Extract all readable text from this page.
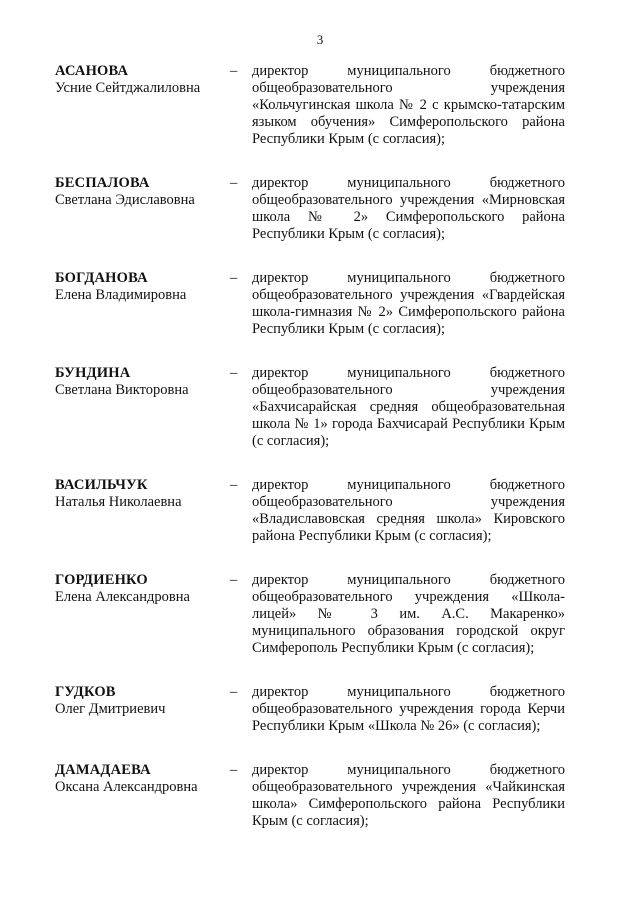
3
АСАНОВА
Усние Сейтджалиловна
–	директор муниципального бюджетного общеобразовательного учреждения «Кольчугинская школа № 2 с крымско-татарским языком обучения» Симферопольского района Республики Крым (с согласия);
БЕСПАЛОВА
Светлана Эдиславовна
–	директор муниципального бюджетного общеобразовательного учреждения «Мирновская школа № 2» Симферопольского района Республики Крым (с согласия);
БОГДАНОВА
Елена Владимировна
–	директор муниципального бюджетного общеобразовательного учреждения «Гвардейская школа-гимназия № 2» Симферопольского района Республики Крым (с согласия);
БУНДИНА
Светлана Викторовна
–	директор муниципального бюджетного общеобразовательного учреждения «Бахчисарайская средняя общеобразовательная школа № 1» города Бахчисарай Республики Крым (с согласия);
ВАСИЛЬЧУК
Наталья Николаевна
–	директор муниципального бюджетного общеобразовательного учреждения «Владиславовская средняя школа» Кировского района Республики Крым (с согласия);
ГОРДИЕНКО
Елена Александровна
–	директор муниципального бюджетного общеобразовательного учреждения «Школа-лицей» № 3 им. А.С. Макаренко» муниципального образования городской округ Симферополь Республики Крым (с согласия);
ГУДКОВ
Олег Дмитриевич
–	директор муниципального бюджетного общеобразовательного учреждения города Керчи Республики Крым «Школа № 26» (с согласия);
ДАМАДАЕВА
Оксана Александровна
–	директор муниципального бюджетного общеобразовательного учреждения «Чайкинская школа» Симферопольского района Республики Крым (с согласия);
